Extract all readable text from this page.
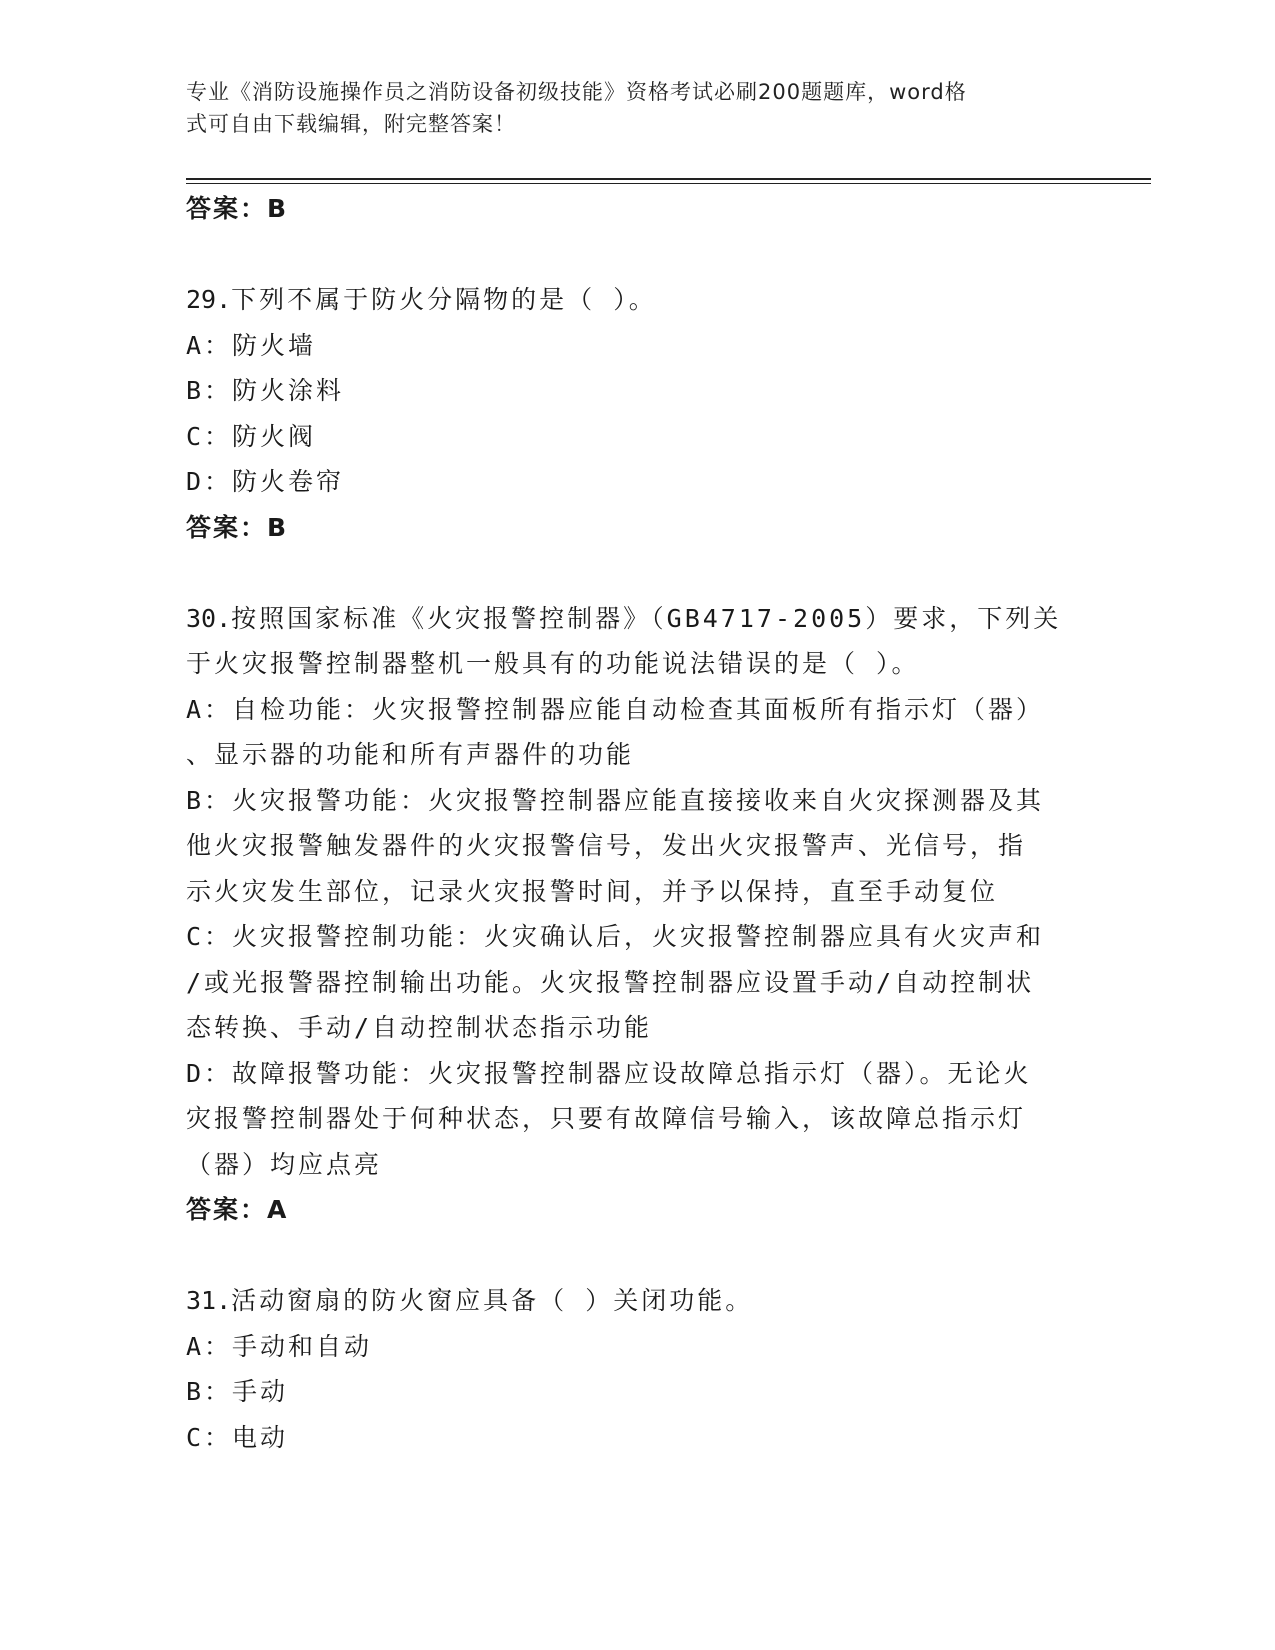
专业《消防设施操作员之消防设备初级技能》资格考试必刷200题题库，word格
式可自由下载编辑，附完整答案！
答案：B
29.下列不属于防火分隔物的是（ ）。
A：防火墙
B：防火涂料
C：防火阀
D：防火卷帘
答案：B
30.按照国家标准《火灾报警控制器》（GB4717-2005）要求，下列关
于火灾报警控制器整机一般具有的功能说法错误的是（ ）。
A：自检功能：火灾报警控制器应能自动检查其面板所有指示灯（器）
、显示器的功能和所有声器件的功能
B：火灾报警功能：火灾报警控制器应能直接接收来自火灾探测器及其
他火灾报警触发器件的火灾报警信号，发出火灾报警声、光信号，指
示火灾发生部位，记录火灾报警时间，并予以保持，直至手动复位
C：火灾报警控制功能：火灾确认后，火灾报警控制器应具有火灾声和
/或光报警器控制输出功能。火灾报警控制器应设置手动/自动控制状
态转换、手动/自动控制状态指示功能
D：故障报警功能：火灾报警控制器应设故障总指示灯（器）。无论火
灾报警控制器处于何种状态，只要有故障信号输入，该故障总指示灯
（器）均应点亮
答案：A
31.活动窗扇的防火窗应具备（ ）关闭功能。
A：手动和自动
B：手动
C：电动
